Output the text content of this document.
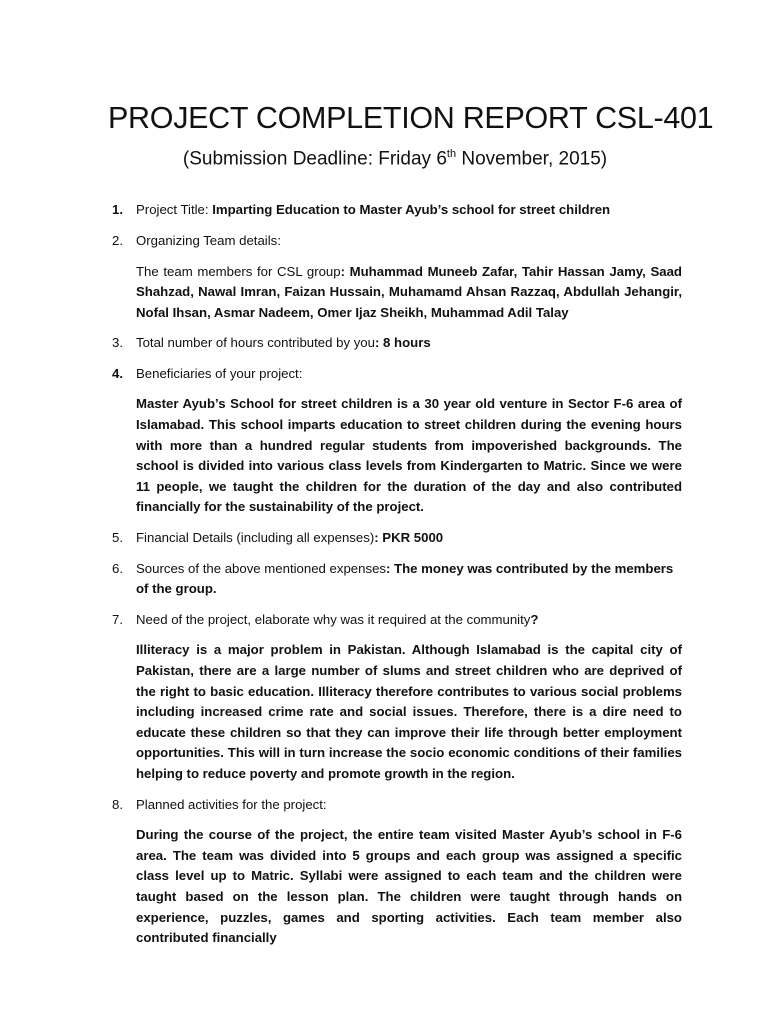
PROJECT COMPLETION REPORT CSL-401
(Submission Deadline: Friday 6th November, 2015)
1. Project Title: Imparting Education to Master Ayub’s school for street children

2. Organizing Team details:

The team members for CSL group: Muhammad Muneeb Zafar, Tahir Hassan Jamy, Saad Shahzad, Nawal Imran, Faizan Hussain, Muhamamd Ahsan Razzaq, Abdullah Jehangir, Nofal Ihsan, Asmar Nadeem, Omer Ijaz Sheikh, Muhammad Adil Talay

3. Total number of hours contributed by you: 8 hours

4. Beneficiaries of your project:

Master Ayub’s School for street children is a 30 year old venture in Sector F-6 area of Islamabad. This school imparts education to street children during the evening hours with more than a hundred regular students from impoverished backgrounds. The school is divided into various class levels from Kindergarten to Matric. Since we were 11 people, we taught the children for the duration of the day and also contributed financially for the sustainability of the project.

5. Financial Details (including all expenses): PKR 5000

6. Sources of the above mentioned expenses: The money was contributed by the members of the group.

7. Need of the project, elaborate why was it required at the community?

Illiteracy is a major problem in Pakistan. Although Islamabad is the capital city of Pakistan, there are a large number of slums and street children who are deprived of the right to basic education. Illiteracy therefore contributes to various social problems including increased crime rate and social issues. Therefore, there is a dire need to educate these children so that they can improve their life through better employment opportunities. This will in turn increase the socio economic conditions of their families helping to reduce poverty and promote growth in the region.

8. Planned activities for the project:

During the course of the project, the entire team visited Master Ayub’s school in F-6 area. The team was divided into 5 groups and each group was assigned a specific class level up to Matric. Syllabi were assigned to each team and the children were taught based on the lesson plan. The children were taught through hands on experience, puzzles, games and sporting activities. Each team member also contributed financially
